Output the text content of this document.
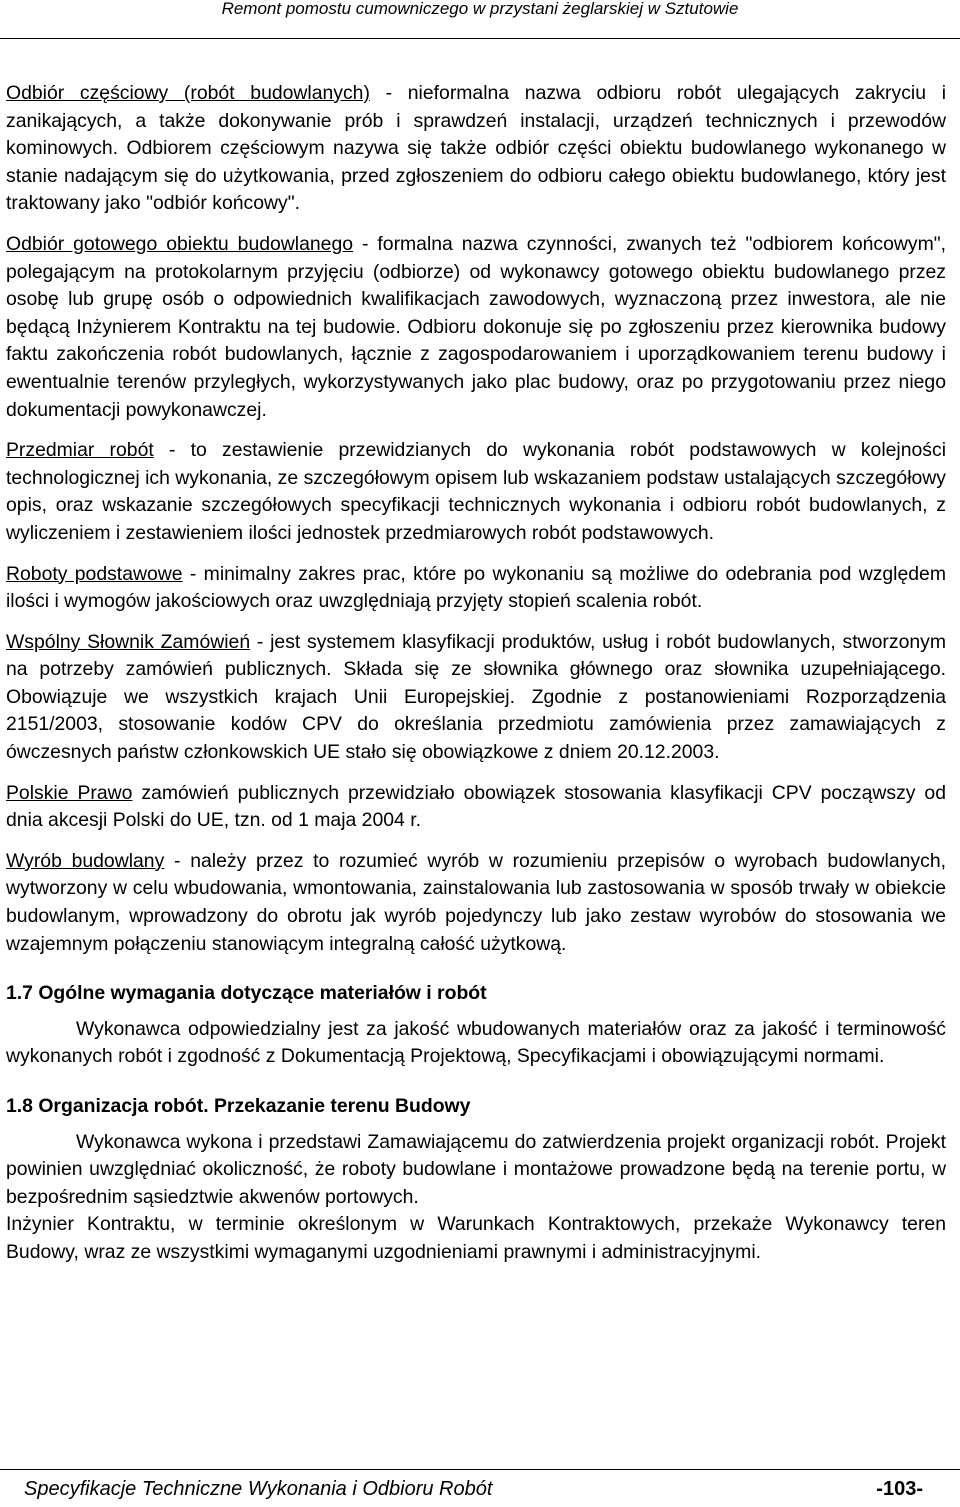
Remont pomostu cumowniczego w przystani żeglarskiej w Sztutowie

Odbiór częściowy (robót budowlanych) - nieformalna nazwa odbioru robót ulegających zakryciu i zanikających, a także dokonywanie prób i sprawdzeń instalacji, urządzeń technicznych i przewodów kominowych. Odbiorem częściowym nazywa się także odbiór części obiektu budowlanego wykonanego w stanie nadającym się do użytkowania, przed zgłoszeniem do odbioru całego obiektu budowlanego, który jest traktowany jako "odbiór końcowy".

Odbiór gotowego obiektu budowlanego - formalna nazwa czynności, zwanych też "odbiorem końcowym", polegającym na protokolarnym przyjęciu (odbiorze) od wykonawcy gotowego obiektu budowlanego przez osobę lub grupę osób o odpowiednich kwalifikacjach zawodowych, wyznaczoną przez inwestora, ale nie będącą Inżynierem Kontraktu na tej budowie. Odbioru dokonuje się po zgłoszeniu przez kierownika budowy faktu zakończenia robót budowlanych, łącznie z zagospodarowaniem i uporządkowaniem terenu budowy i ewentualnie terenów przyległych, wykorzystywanych jako plac budowy, oraz po przygotowaniu przez niego dokumentacji powykonawczej.

Przedmiar robót - to zestawienie przewidzianych do wykonania robót podstawowych w kolejności technologicznej ich wykonania, ze szczegółowym opisem lub wskazaniem podstaw ustalających szczegółowy opis, oraz wskazanie szczegółowych specyfikacji technicznych wykonania i odbioru robót budowlanych, z wyliczeniem i zestawieniem ilości jednostek przedmiarowych robót podstawowych.

Roboty podstawowe - minimalny zakres prac, które po wykonaniu są możliwe do odebrania pod względem ilości i wymogów jakościowych oraz uwzględniają przyjęty stopień scalenia robót.

Wspólny Słownik Zamówień - jest systemem klasyfikacji produktów, usług i robót budowlanych, stworzonym na potrzeby zamówień publicznych. Składa się ze słownika głównego oraz słownika uzupełniającego. Obowiązuje we wszystkich krajach Unii Europejskiej. Zgodnie z postanowieniami Rozporządzenia 2151/2003, stosowanie kodów CPV do określania przedmiotu zamówienia przez zamawiających z ówczesnych państw członkowskich UE stało się obowiązkowe z dniem 20.12.2003.

Polskie Prawo zamówień publicznych przewidziało obowiązek stosowania klasyfikacji CPV począwszy od dnia akcesji Polski do UE, tzn. od 1 maja 2004 r.

Wyrób budowlany - należy przez to rozumieć wyrób w rozumieniu przepisów o wyrobach budowlanych, wytworzony w celu wbudowania, wmontowania, zainstalowania lub zastosowania w sposób trwały w obiekcie budowlanym, wprowadzony do obrotu jak wyrób pojedynczy lub jako zestaw wyrobów do stosowania we wzajemnym połączeniu stanowiącym integralną całość użytkową.

1.7 Ogólne wymagania dotyczące materiałów i robót

Wykonawca odpowiedzialny jest za jakość wbudowanych materiałów oraz za jakość i terminowość wykonanych robót i zgodność z Dokumentacją Projektową, Specyfikacjami i obowiązującymi normami.

1.8 Organizacja robót. Przekazanie terenu Budowy

Wykonawca wykona i przedstawi Zamawiającemu do zatwierdzenia projekt organizacji robót. Projekt powinien uwzględniać okoliczność, że roboty budowlane i montażowe prowadzone będą na terenie portu, w bezpośrednim sąsiedztwie akwenów portowych.

Inżynier Kontraktu, w terminie określonym w Warunkach Kontraktowych, przekaże Wykonawcy teren Budowy, wraz ze wszystkimi wymaganymi uzgodnieniami prawnymi i administracyjnymi.

Specyfikacje Techniczne Wykonania i Odbioru Robót	-103-
